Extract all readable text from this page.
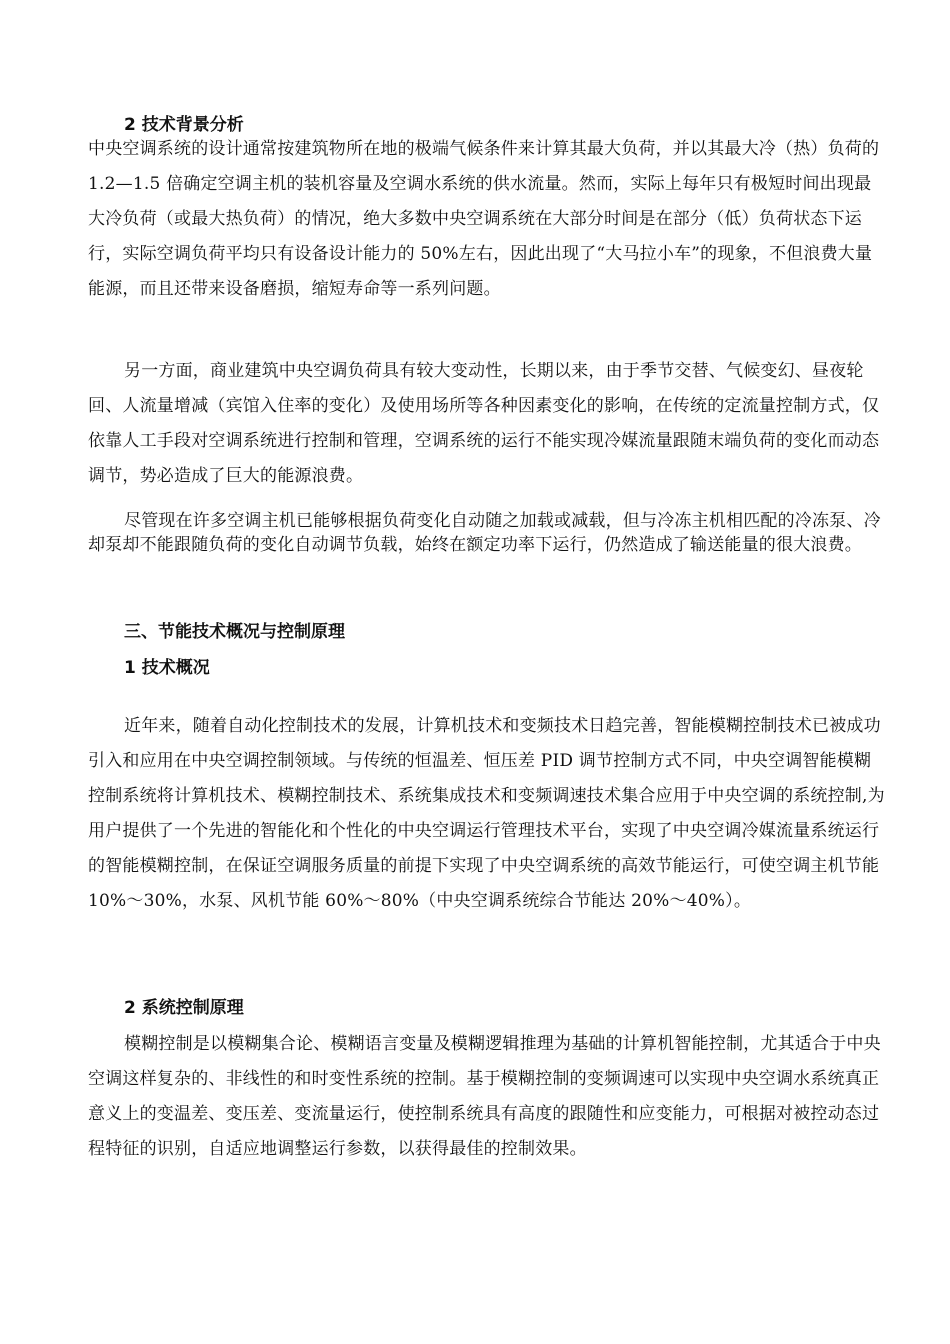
2 技术背景分析
中央空调系统的设计通常按建筑物所在地的极端气候条件来计算其最大负荷，并以其最大冷（热）负荷的 1.2—1.5 倍确定空调主机的装机容量及空调水系统的供水流量。然而，实际上每年只有极短时间出现最大冷负荷（或最大热负荷）的情况，绝大多数中央空调系统在大部分时间是在部分（低）负荷状态下运行，实际空调负荷平均只有设备设计能力的 50%左右，因此出现了“大马拉小车”的现象，不但浪费大量能源，而且还带来设备磨损，缩短寿命等一系列问题。
另一方面，商业建筑中央空调负荷具有较大变动性，长期以来，由于季节交替、气候变幻、昼夜轮回、人流量增减（宾馆入住率的变化）及使用场所等各种因素变化的影响，在传统的定流量控制方式，仅依靠人工手段对空调系统进行控制和管理，空调系统的运行不能实现冷媒流量跟随末端负荷的变化而动态调节，势必造成了巨大的能源浪费。
尽管现在许多空调主机已能够根据负荷变化自动随之加载或减载，但与冷冻主机相匹配的冷冻泵、冷却泵却不能跟随负荷的变化自动调节负载，始终在额定功率下运行，仍然造成了输送能量的很大浪费。
三、节能技术概况与控制原理
1 技术概况
近年来，随着自动化控制技术的发展，计算机技术和变频技术日趋完善，智能模糊控制技术已被成功引入和应用在中央空调控制领域。与传统的恒温差、恒压差 PID 调节控制方式不同，中央空调智能模糊控制系统将计算机技术、模糊控制技术、系统集成技术和变频调速技术集合应用于中央空调的系统控制,为用户提供了一个先进的智能化和个性化的中央空调运行管理技术平台，实现了中央空调冷媒流量系统运行的智能模糊控制，在保证空调服务质量的前提下实现了中央空调系统的高效节能运行，可使空调主机节能 10%～30%，水泵、风机节能 60%～80%（中央空调系统综合节能达 20%～40%）。
2 系统控制原理
模糊控制是以模糊集合论、模糊语言变量及模糊逻辑推理为基础的计算机智能控制，尤其适合于中央空调这样复杂的、非线性的和时变性系统的控制。基于模糊控制的变频调速可以实现中央空调水系统真正意义上的变温差、变压差、变流量运行，使控制系统具有高度的跟随性和应变能力，可根据对被控动态过程特征的识别，自适应地调整运行参数，以获得最佳的控制效果。
